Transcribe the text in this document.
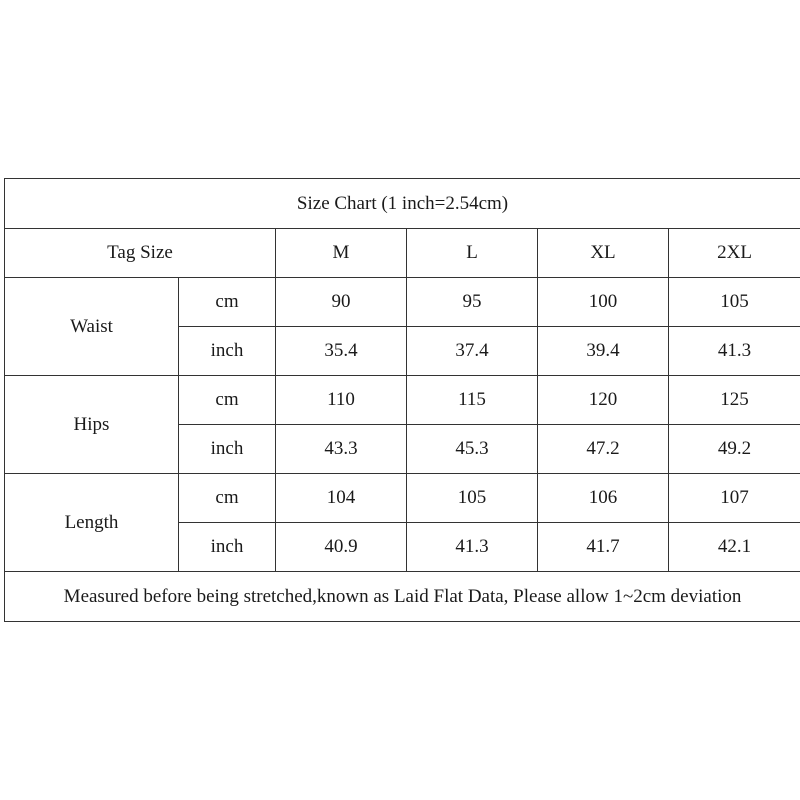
Size Chart (1 inch=2.54cm)					
Tag Size		M	L	XL	2XL
Waist	cm	90	95	100	105
	inch	35.4	37.4	39.4	41.3
Hips	cm	110	115	120	125
	inch	43.3	45.3	47.2	49.2
Length	cm	104	105	106	107
	inch	40.9	41.3	41.7	42.1
Measured before being stretched,known as Laid Flat Data, Please allow 1~2cm deviation					
